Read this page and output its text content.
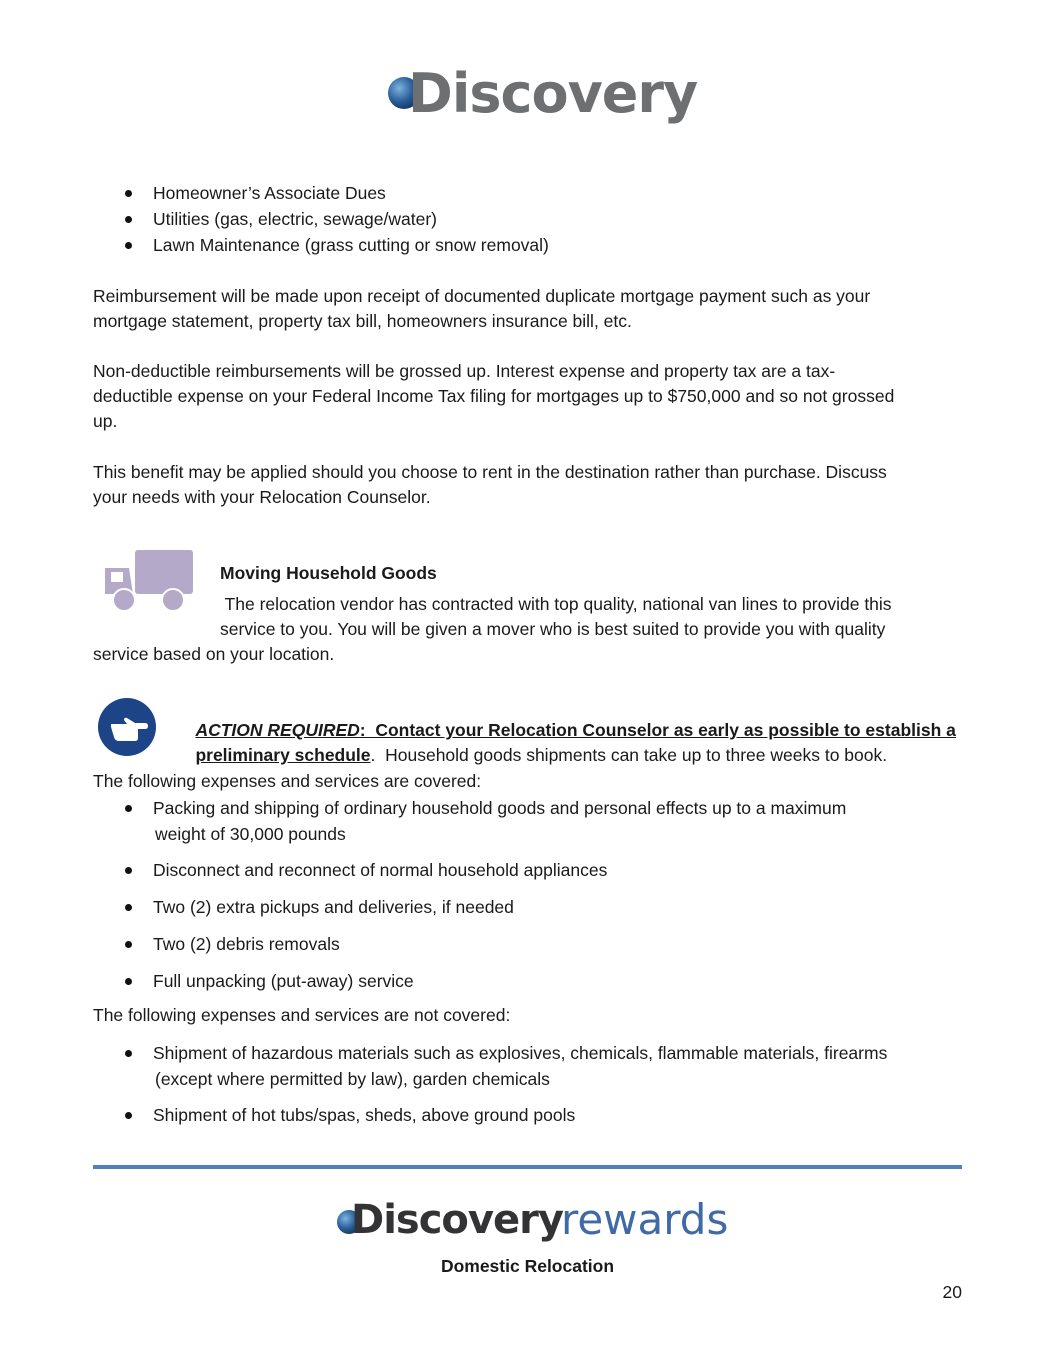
Discovery
Homeowner’s Associate Dues
Utilities (gas, electric, sewage/water)
Lawn Maintenance (grass cutting or snow removal)
Reimbursement will be made upon receipt of documented duplicate mortgage payment such as your
mortgage statement, property tax bill, homeowners insurance bill, etc.
Non-deductible reimbursements will be grossed up. Interest expense and property tax are a tax-
deductible expense on your Federal Income Tax filing for mortgages up to $750,000 and so not grossed
up.
This benefit may be applied should you choose to rent in the destination rather than purchase. Discuss
your needs with your Relocation Counselor.
Moving Household Goods
The relocation vendor has contracted with top quality, national van lines to provide this
service to you. You will be given a mover who is best suited to provide you with quality
service based on your location.

ACTION REQUIRED:  Contact your Relocation Counselor as early as possible to establish a

preliminary schedule.  Household goods shipments can take up to three weeks to book.

The following expenses and services are covered:
Packing and shipping of ordinary household goods and personal effects up to a maximum
weight of 30,000 pounds
Disconnect and reconnect of normal household appliances
Two (2) extra pickups and deliveries, if needed
Two (2) debris removals
Full unpacking (put-away) service
The following expenses and services are not covered:
Shipment of hazardous materials such as explosives, chemicals, flammable materials, firearms
(except where permitted by law), garden chemicals
Shipment of hot tubs/spas, sheds, above ground pools
Discovery
rewards
Domestic Relocation
20
